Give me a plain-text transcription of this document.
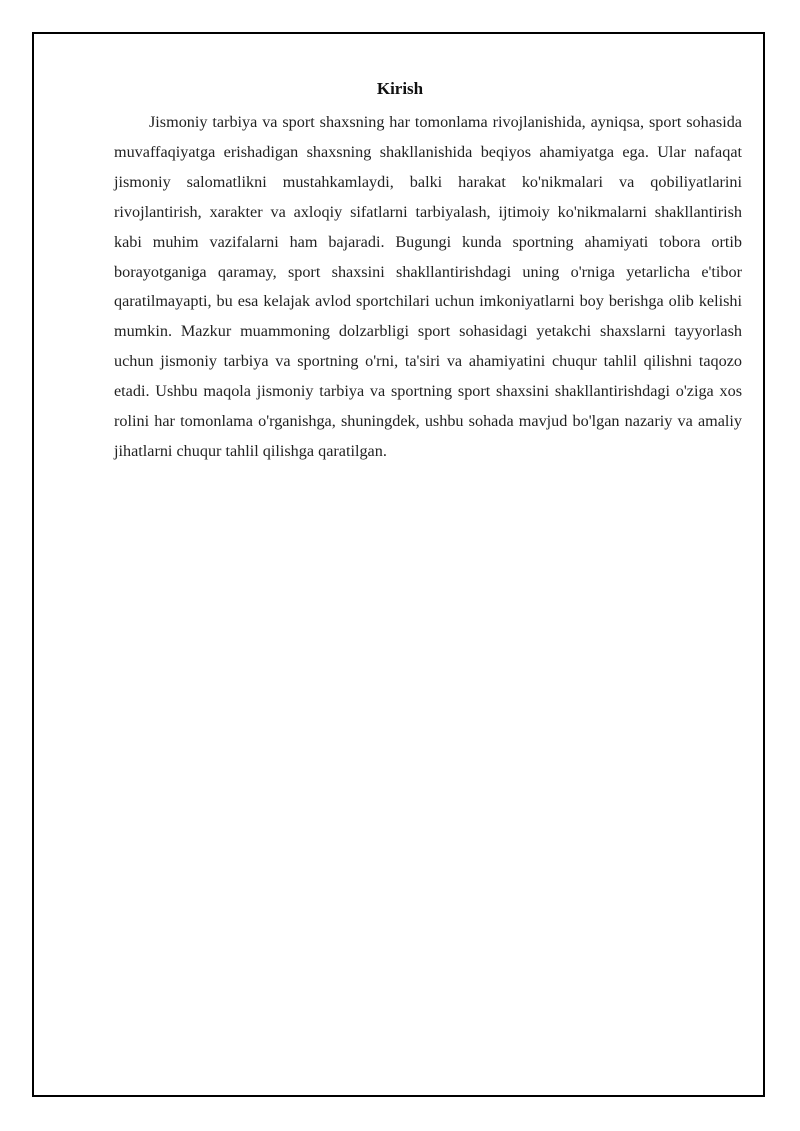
Kirish

Jismoniy tarbiya va sport shaxsning har tomonlama rivojlanishida, ayniqsa, sport sohasida muvaffaqiyatga erishadigan shaxsning shakllanishida beqiyos ahamiyatga ega. Ular nafaqat jismoniy salomatlikni mustahkamlaydi, balki harakat ko'nikmalari va qobiliyatlarini rivojlantirish, xarakter va axloqiy sifatlarni tarbiyalash, ijtimoiy ko'nikmalarni shakllantirish kabi muhim vazifalarni ham bajaradi. Bugungi kunda sportning ahamiyati tobora ortib borayotganiga qaramay, sport shaxsini shakllantirishdagi uning o'rniga yetarlicha e'tibor qaratilmayapti, bu esa kelajak avlod sportchilari uchun imkoniyatlarni boy berishga olib kelishi mumkin. Mazkur muammoning dolzarbligi sport sohasidagi yetakchi shaxslarni tayyorlash uchun jismoniy tarbiya va sportning o'rni, ta'siri va ahamiyatini chuqur tahlil qilishni taqozo etadi. Ushbu maqola jismoniy tarbiya va sportning sport shaxsini shakllantirishdagi o'ziga xos rolini har tomonlama o'rganishga, shuningdek, ushbu sohada mavjud bo'lgan nazariy va amaliy jihatlarni chuqur tahlil qilishga qaratilgan.
